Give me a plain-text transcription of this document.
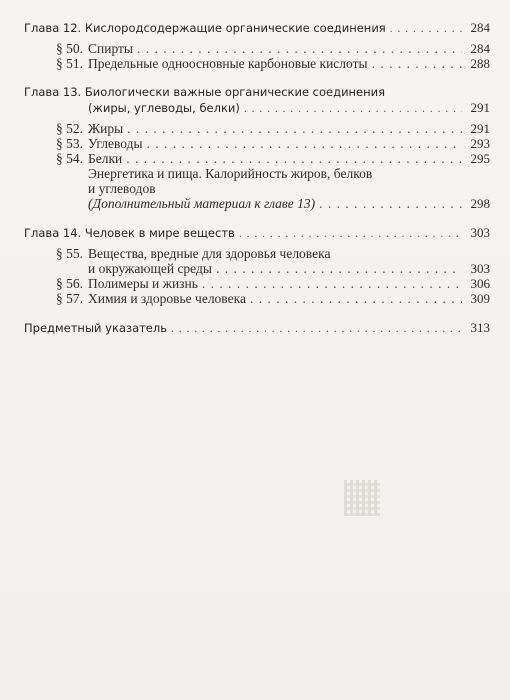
Глава 12. Кислородсодержащие органические соединения . . .	284
§ 50. Спирты . . .	284
§ 51. Предельные одноосновные карбоновые кислоты . . .	288
Глава 13. Биологически важные органические соединения
(жиры, углеводы, белки) . . .	291
§ 52. Жиры . . .	291
§ 53. Углеводы . . .	293
§ 54. Белки . . .	295
Энергетика и пища. Калорийность жиров, белков
и углеводов
(Дополнительный материал к главе 13) . . .	298
Глава 14. Человек в мире веществ . . .	303
§ 55. Вещества, вредные для здоровья человека
и окружающей среды . . .	303
§ 56. Полимеры и жизнь . . .	306
§ 57. Химия и здоровье человека . . .	309
Предметный указатель . . .	313
